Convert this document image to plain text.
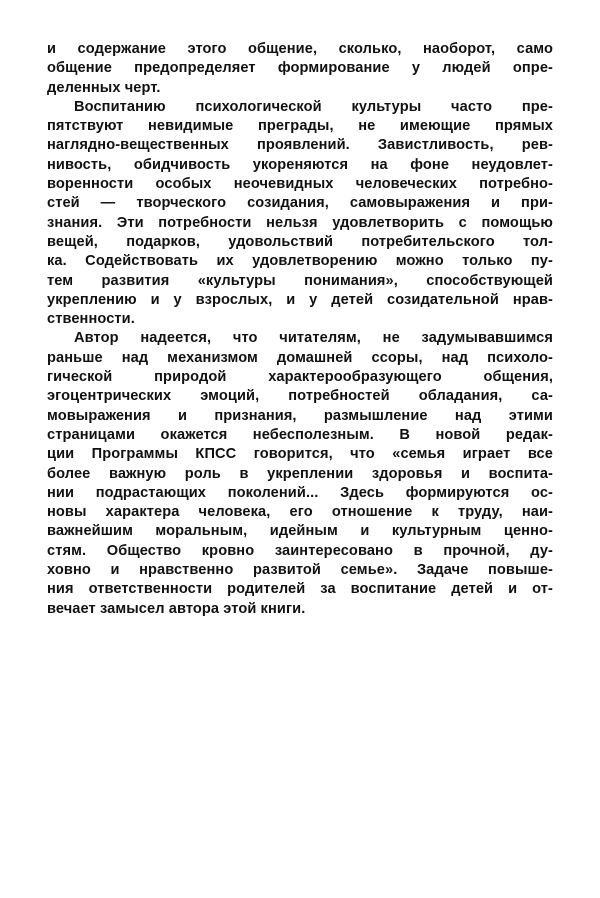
и содержание этого общение, сколько, наоборот, само
общение предопределяет формирование у людей опре-
деленных черт.
Воспитанию психологической культуры часто пре-
пятствуют невидимые преграды, не имеющие прямых
наглядно-вещественных проявлений. Завистливость, рев-
нивость, обидчивость укореняются на фоне неудовлет-
воренности особых неочевидных человеческих потребно-
стей — творческого созидания, самовыражения и при-
знания. Эти потребности нельзя удовлетворить с помощью
вещей, подарков, удовольствий потребительского тол-
ка. Содействовать их удовлетворению можно только пу-
тем развития «культуры понимания», способствующей
укреплению и у взрослых, и у детей созидательной нрав-
ственности.
Автор надеется, что читателям, не задумывавшимся
раньше над механизмом домашней ссоры, над психоло-
гической природой характерообразующего общения,
эгоцентрических эмоций, потребностей обладания, са-
мовыражения и признания, размышление над этими
страницами окажется небесполезным. В новой редак-
ции Программы КПСС говорится, что «семья играет все
более важную роль в укреплении здоровья и воспита-
нии подрастающих поколений... Здесь формируются ос-
новы характера человека, его отношение к труду, наи-
важнейшим моральным, идейным и культурным ценно-
стям. Общество кровно заинтересовано в прочной, ду-
ховно и нравственно развитой семье». Задаче повыше-
ния ответственности родителей за воспитание детей и от-
вечает замысел автора этой книги.
